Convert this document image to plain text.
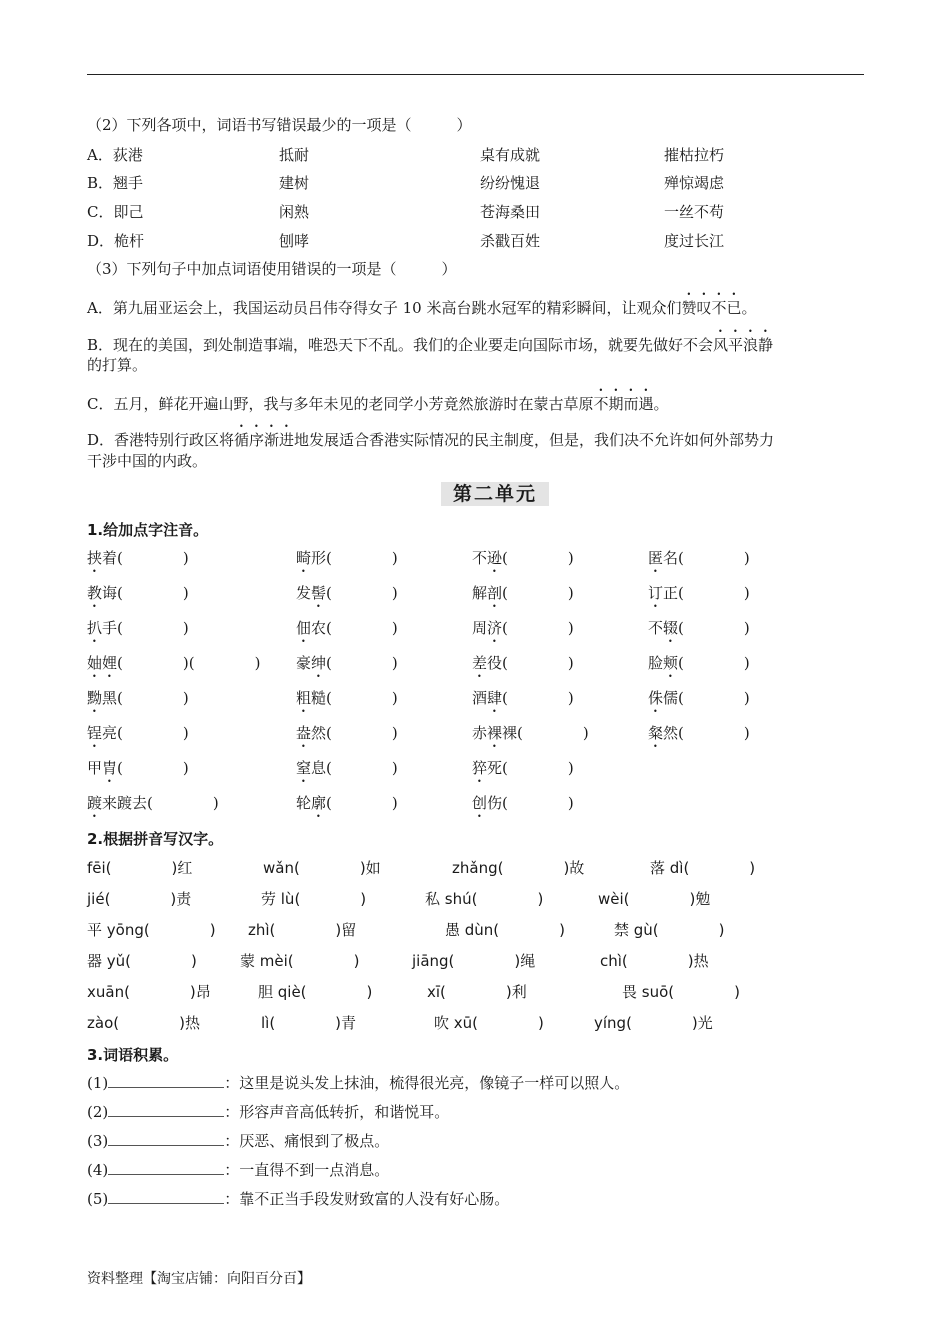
（2）下列各项中，词语书写错误最少的一项是（　　　）
A．荻港	抵耐	桌有成就	摧枯拉朽
B．翘手	建树	纷纷愧退	殚惊竭虑
C．即己	闲熟	苍海桑田	一丝不苟
D．桅杆	刨哮	杀戳百姓	度过长江
（3）下列句子中加点词语使用错误的一项是（　　　）
A．第九届亚运会上，我国运动员吕伟夺得女子 10 米高台跳水冠军的精彩瞬间，让观众们赞叹不已。
B．现在的美国，到处制造事端，唯恐天下不乱。我们的企业要走向国际市场，就要先做好不会风平浪静
的打算。
C．五月，鲜花开遍山野，我与多年未见的老同学小芳竟然旅游时在蒙古草原不期而遇。
D．香港特别行政区将循序渐进地发展适合香港实际情况的民主制度，但是，我们决不允许如何外部势力
干涉中国的内政。
第二单元
1.给加点字注音。
挟着(　　　　)	畸形(　　　　)	不逊(　　　　)	匿名(　　　　)
教诲(　　　　)	发髻(　　　　)	解剖(　　　　)	订正(　　　　)
扒手(　　　　)	佃农(　　　　)	周济(　　　　)	不辍(　　　　)
妯娌(　　　　)(　　　　) 豪绅(　　　　)	差役(　　　　)	脸颊(　　　　)
黝黑(　　　　)	粗糙(　　　　)	酒肆(　　　　)	侏儒(　　　　)
锃亮(　　　　)	盎然(　　　　)	赤裸裸(　　　　)	粲然(　　　　)
甲胄(　　　　)	窒息(　　　　)	猝死(　　　　)
踱来踱去(　　　　)	轮廓(　　　　)	创伤(　　　　)
2.根据拼音写汉字。
fēi(　　　　)红	wǎn(　　　　)如	zhǎng(　　　　)故	落 dì(　　　　)
jié(　　　　)责	劳 lù(　　　　)	私 shú(　　　　)	wèi(　　　　)勉
平 yōng(　　　　) zhì(　　　　)留	愚 dùn(　　　　)	禁 gù(　　　　)
器 yǔ(　　　　)	蒙 mèi(　　　　)	jiāng(　　　　)绳	chì(　　　　)热
xuān(　　　　)昂	胆 qiè(　　　　)	xī(　　　　)利	畏 suō(　　　　)
zào(　　　　)热	lì(　　　　)青	吹 xū(　　　　)	yíng(　　　　)光
3.词语积累。
(1)	：这里是说头发上抹油，梳得很光亮，像镜子一样可以照人。
(2)	：形容声音高低转折，和谐悦耳。
(3)	：厌恶、痛恨到了极点。
(4)	：一直得不到一点消息。
(5)	：靠不正当手段发财致富的人没有好心肠。
资料整理【淘宝店铺：向阳百分百】
